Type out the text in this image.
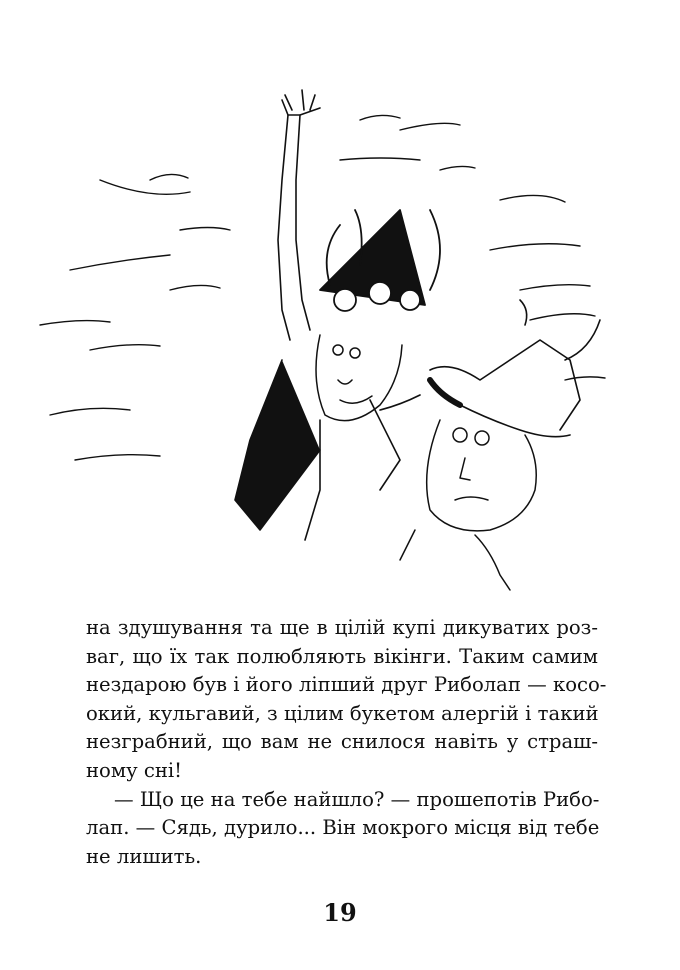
на здушування та ще в цілій купі дикуватих роз-
ваг, що їх так полюбляють вікінги. Таким самим
нездарою був і його ліпший друг Риболап — косо-
окий, кульгавий, з цілим букетом алергій і такий
незграбний, що вам не снилося навіть у страш-
ному сні!
— Що це на тебе найшло? — прошепотів Рибо-
лап. — Сядь, дурило... Він мокрого місця від тебе
не лишить.
19
